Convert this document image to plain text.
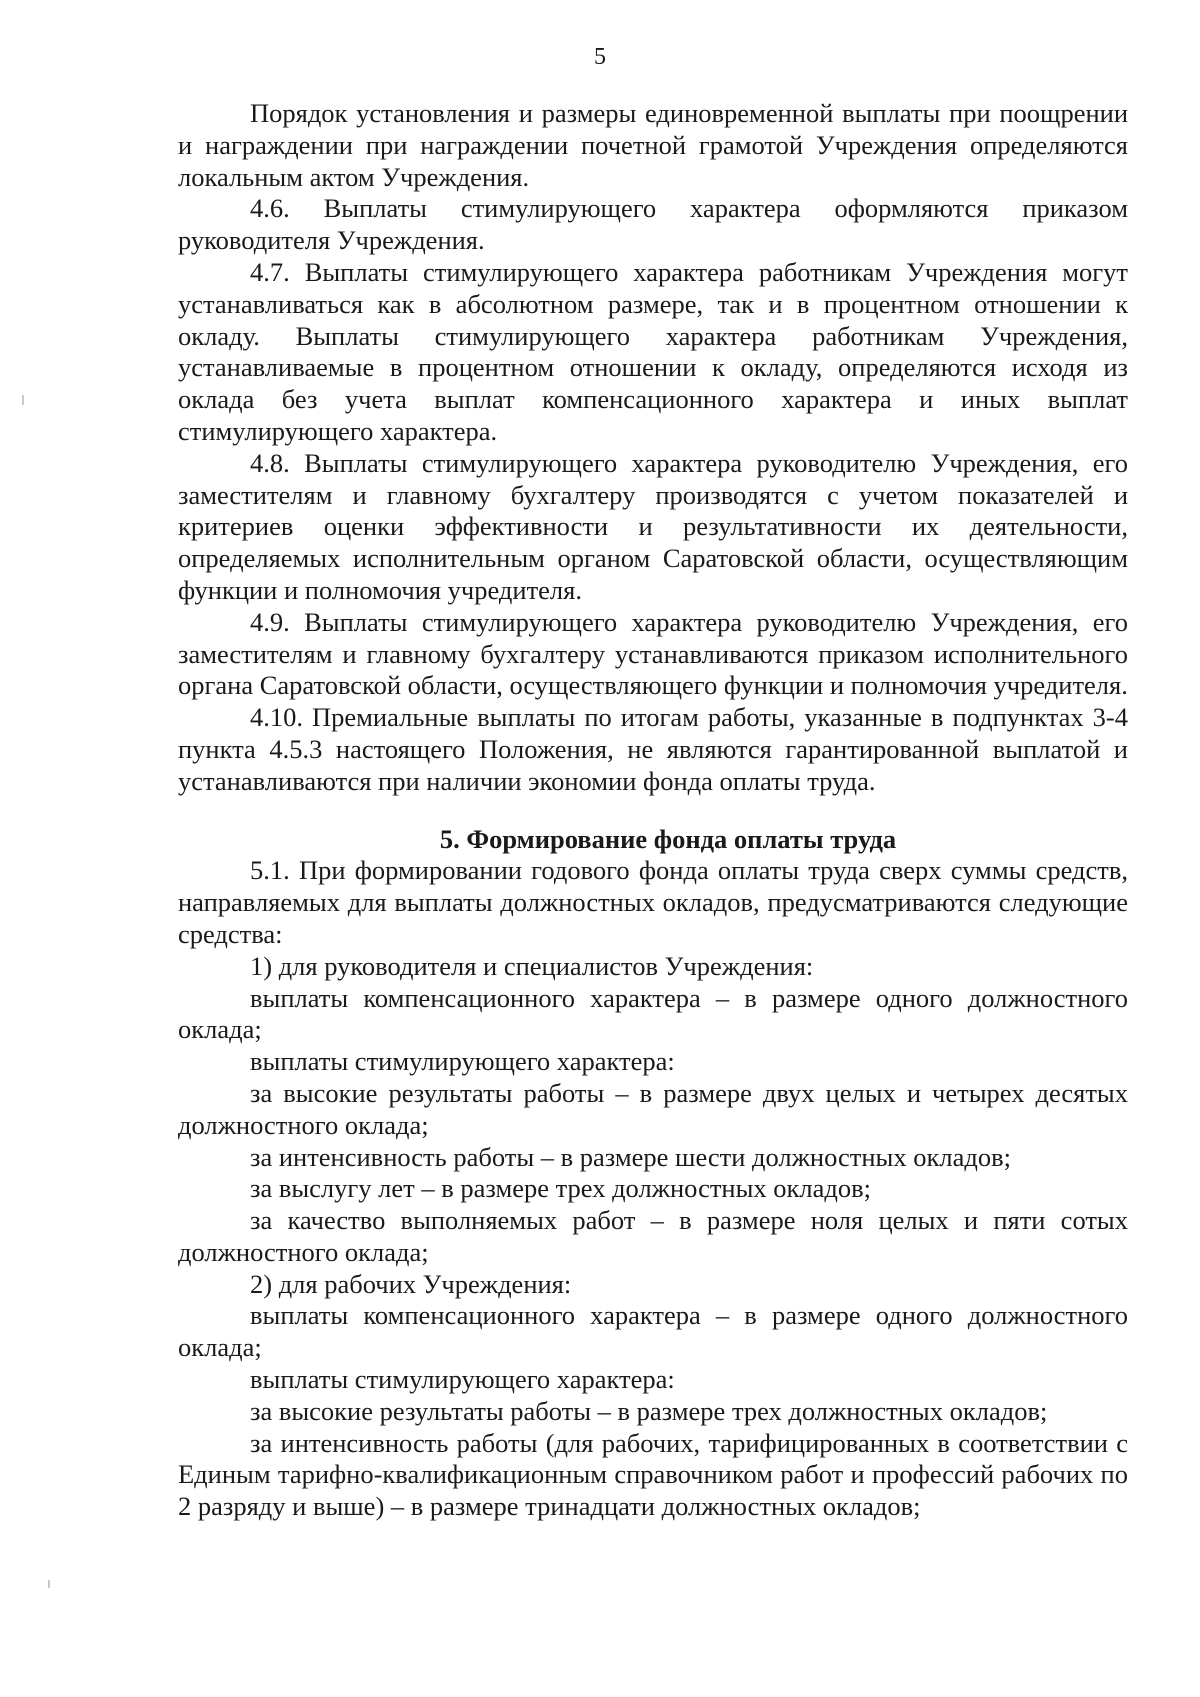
5

Порядок установления и размеры единовременной выплаты при поощрении и награждении при награждении почетной грамотой Учреждения определяются локальным актом Учреждения.

4.6. Выплаты стимулирующего характера оформляются приказом руководителя Учреждения.

4.7. Выплаты стимулирующего характера работникам Учреждения могут устанавливаться как в абсолютном размере, так и в процентном отношении к окладу. Выплаты стимулирующего характера работникам Учреждения, устанавливаемые в процентном отношении к окладу, определяются исходя из оклада без учета выплат компенсационного характера и иных выплат стимулирующего характера.

4.8. Выплаты стимулирующего характера руководителю Учреждения, его заместителям и главному бухгалтеру производятся с учетом показателей и критериев оценки эффективности и результативности их деятельности, определяемых исполнительным органом Саратовской области, осуществляющим функции и полномочия учредителя.

4.9. Выплаты стимулирующего характера руководителю Учреждения, его заместителям и главному бухгалтеру устанавливаются приказом исполнительного органа Саратовской области, осуществляющего функции и полномочия учредителя.

4.10. Премиальные выплаты по итогам работы, указанные в подпунктах 3-4 пункта 4.5.3 настоящего Положения, не являются гарантированной выплатой и устанавливаются при наличии экономии фонда оплаты труда.

5. Формирование фонда оплаты труда

5.1. При формировании годового фонда оплаты труда сверх суммы средств, направляемых для выплаты должностных окладов, предусматриваются следующие средства:

1) для руководителя и специалистов Учреждения:

выплаты компенсационного характера – в размере одного должностного оклада;

выплаты стимулирующего характера:

за высокие результаты работы – в размере двух целых и четырех десятых должностного оклада;

за интенсивность работы – в размере шести должностных окладов;

за выслугу лет – в размере трех должностных окладов;

за качество выполняемых работ – в размере ноля целых и пяти сотых должностного оклада;

2) для рабочих Учреждения:

выплаты компенсационного характера – в размере одного должностного оклада;

выплаты стимулирующего характера:

за высокие результаты работы – в размере трех должностных окладов;

за интенсивность работы (для рабочих, тарифицированных в соответствии с Единым тарифно-квалификационным справочником работ и профессий рабочих по 2 разряду и выше) – в размере тринадцати должностных окладов;
